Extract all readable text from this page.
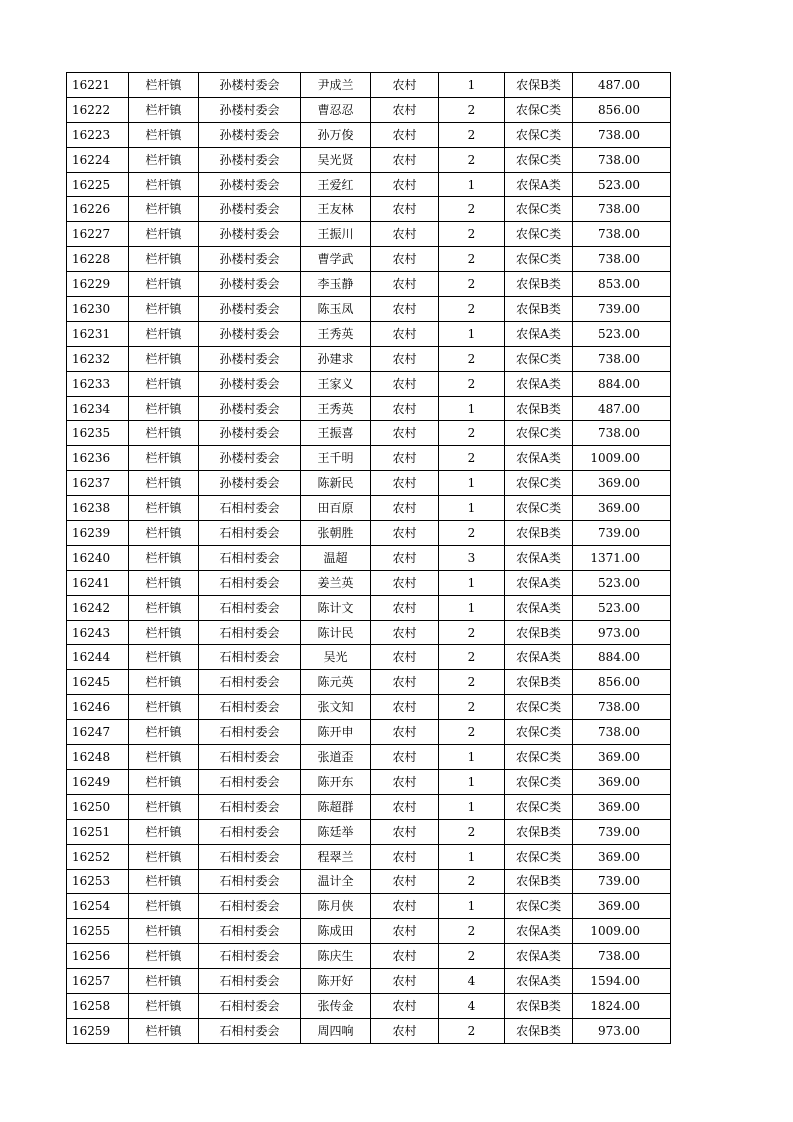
16221	栏杆镇	孙楼村委会	尹成兰	农村	1	农保B类	487.00
16222	栏杆镇	孙楼村委会	曹忍忍	农村	2	农保C类	856.00
16223	栏杆镇	孙楼村委会	孙万俊	农村	2	农保C类	738.00
16224	栏杆镇	孙楼村委会	吴光贤	农村	2	农保C类	738.00
16225	栏杆镇	孙楼村委会	王爱红	农村	1	农保A类	523.00
16226	栏杆镇	孙楼村委会	王友林	农村	2	农保C类	738.00
16227	栏杆镇	孙楼村委会	王振川	农村	2	农保C类	738.00
16228	栏杆镇	孙楼村委会	曹学武	农村	2	农保C类	738.00
16229	栏杆镇	孙楼村委会	李玉静	农村	2	农保B类	853.00
16230	栏杆镇	孙楼村委会	陈玉凤	农村	2	农保B类	739.00
16231	栏杆镇	孙楼村委会	王秀英	农村	1	农保A类	523.00
16232	栏杆镇	孙楼村委会	孙建求	农村	2	农保C类	738.00
16233	栏杆镇	孙楼村委会	王家义	农村	2	农保A类	884.00
16234	栏杆镇	孙楼村委会	王秀英	农村	1	农保B类	487.00
16235	栏杆镇	孙楼村委会	王振喜	农村	2	农保C类	738.00
16236	栏杆镇	孙楼村委会	王千明	农村	2	农保A类	1009.00
16237	栏杆镇	孙楼村委会	陈新民	农村	1	农保C类	369.00
16238	栏杆镇	石相村委会	田百原	农村	1	农保C类	369.00
16239	栏杆镇	石相村委会	张朝胜	农村	2	农保B类	739.00
16240	栏杆镇	石相村委会	温超	农村	3	农保A类	1371.00
16241	栏杆镇	石相村委会	姜兰英	农村	1	农保A类	523.00
16242	栏杆镇	石相村委会	陈计文	农村	1	农保A类	523.00
16243	栏杆镇	石相村委会	陈计民	农村	2	农保B类	973.00
16244	栏杆镇	石相村委会	吴光	农村	2	农保A类	884.00
16245	栏杆镇	石相村委会	陈元英	农村	2	农保B类	856.00
16246	栏杆镇	石相村委会	张文知	农村	2	农保C类	738.00
16247	栏杆镇	石相村委会	陈开申	农村	2	农保C类	738.00
16248	栏杆镇	石相村委会	张道歪	农村	1	农保C类	369.00
16249	栏杆镇	石相村委会	陈开东	农村	1	农保C类	369.00
16250	栏杆镇	石相村委会	陈超群	农村	1	农保C类	369.00
16251	栏杆镇	石相村委会	陈廷举	农村	2	农保B类	739.00
16252	栏杆镇	石相村委会	程翠兰	农村	1	农保C类	369.00
16253	栏杆镇	石相村委会	温计全	农村	2	农保B类	739.00
16254	栏杆镇	石相村委会	陈月侠	农村	1	农保C类	369.00
16255	栏杆镇	石相村委会	陈成田	农村	2	农保A类	1009.00
16256	栏杆镇	石相村委会	陈庆生	农村	2	农保A类	738.00
16257	栏杆镇	石相村委会	陈开好	农村	4	农保A类	1594.00
16258	栏杆镇	石相村委会	张传金	农村	4	农保B类	1824.00
16259	栏杆镇	石相村委会	周四响	农村	2	农保B类	973.00
